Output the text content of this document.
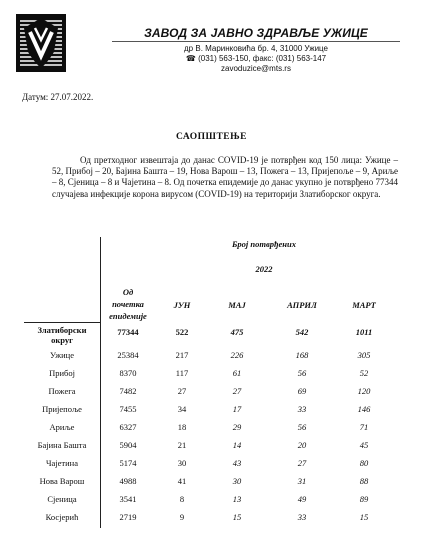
ЗАВОД ЗА ЈАВНО ЗДРАВЉЕ УЖИЦЕ
др В. Маринковића бр. 4, 31000 Ужице
☎ (031) 563-150, факс: (031) 563-147
zavoduzice@mts.rs
Датум: 27.07.2022.
САОПШТЕЊЕ
Од претходног извештаја до данас COVID-19 је потврђен код 150 лица: Ужице – 52, Прибој – 20, Бајина Башта – 19, Нова Варош – 13, Пожега – 13, Пријепоље – 9, Ариље – 8, Сјеница – 8 и Чајетина – 8. Од почетка епидемије до данас укупно је потврђено 77344 случајева инфекције корона вирусом (COVID-19) на територији Златиборског округа.
Број потврђених
2022
Од
почетка
епидемије
ЈУН	МАЈ	АПРИЛ	МАРТ
Златиборски
округ
77344	522	475	542	1011
Ужице	25384	217	226	168	305
Прибој	8370	117	61	56	52
Пожега	7482	27	27	69	120
Пријепоље	7455	34	17	33	146
Ариље	6327	18	29	56	71
Бајина Башта	5904	21	14	20	45
Чајетина	5174	30	43	27	80
Нова Варош	4988	41	30	31	88
Сјеница	3541	8	13	49	89
Косјерић	2719	9	15	33	15
